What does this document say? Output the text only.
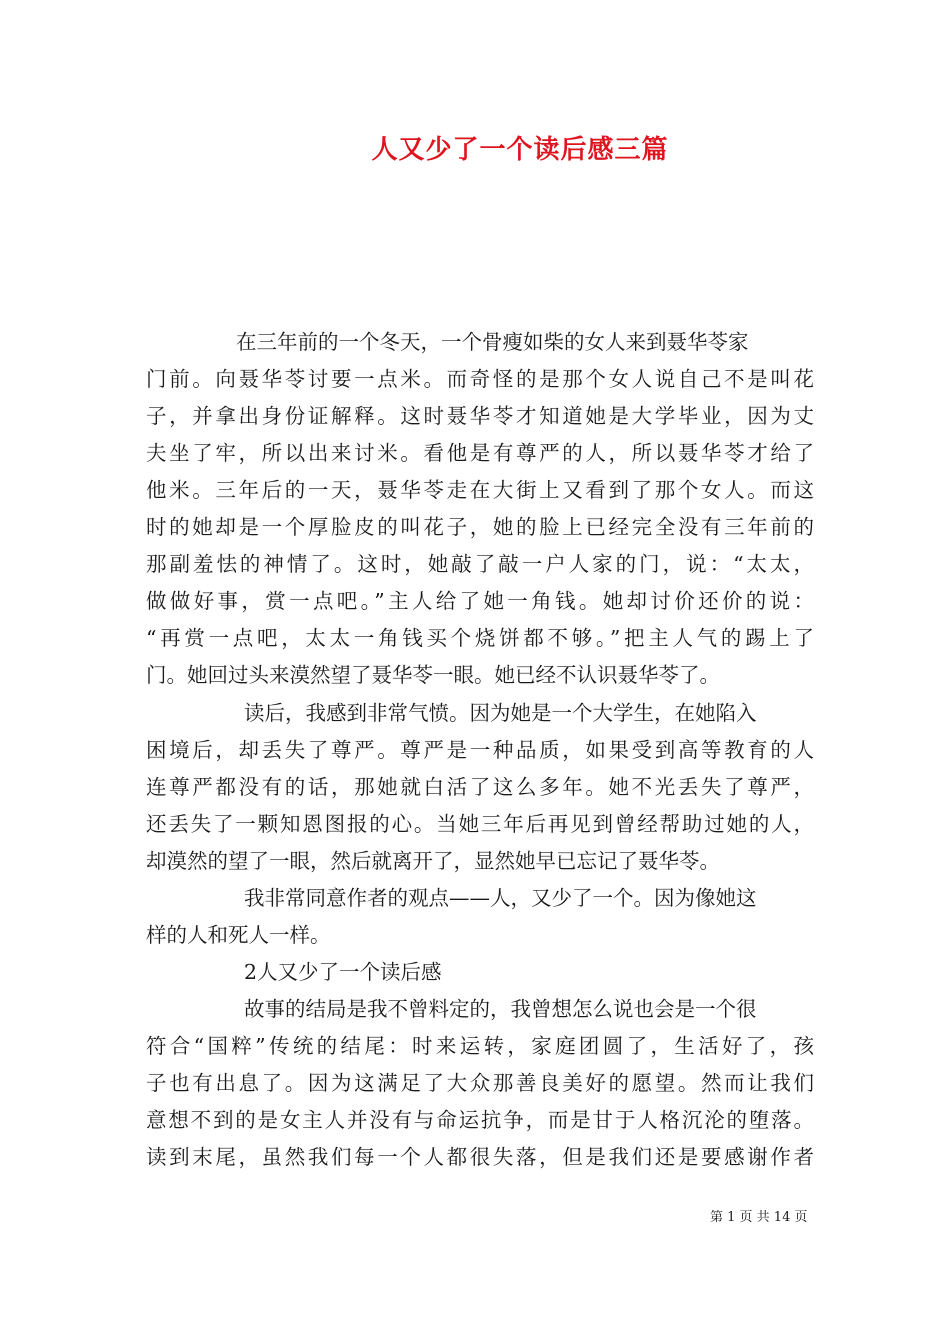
人又少了一个读后感三篇
在三年前的一个冬天，一个骨瘦如柴的女人来到聂华苓家
门前。向聂华苓讨要一点米。而奇怪的是那个女人说自己不是叫花
子，并拿出身份证解释。这时聂华苓才知道她是大学毕业，因为丈
夫坐了牢，所以出来讨米。看他是有尊严的人，所以聂华苓才给了
他米。三年后的一天，聂华苓走在大街上又看到了那个女人。而这
时的她却是一个厚脸皮的叫花子，她的脸上已经完全没有三年前的
那副羞怯的神情了。这时，她敲了敲一户人家的门，说：“太太，
做做好事，赏一点吧。”主人给了她一角钱。她却讨价还价的说：
“再赏一点吧，太太一角钱买个烧饼都不够。”把主人气的踢上了
门。她回过头来漠然望了聂华苓一眼。她已经不认识聂华苓了。
读后，我感到非常气愤。因为她是一个大学生，在她陷入
困境后，却丢失了尊严。尊严是一种品质，如果受到高等教育的人
连尊严都没有的话，那她就白活了这么多年。她不光丢失了尊严，
还丢失了一颗知恩图报的心。当她三年后再见到曾经帮助过她的人，
却漠然的望了一眼，然后就离开了，显然她早已忘记了聂华苓。
我非常同意作者的观点——人，又少了一个。因为像她这
样的人和死人一样。
2人又少了一个读后感
故事的结局是我不曾料定的，我曾想怎么说也会是一个很
符合“国粹”传统的结尾：时来运转，家庭团圆了，生活好了，孩
子也有出息了。因为这满足了大众那善良美好的愿望。然而让我们
意想不到的是女主人并没有与命运抗争，而是甘于人格沉沦的堕落。
读到末尾，虽然我们每一个人都很失落，但是我们还是要感谢作者
第 1 页 共 14 页
